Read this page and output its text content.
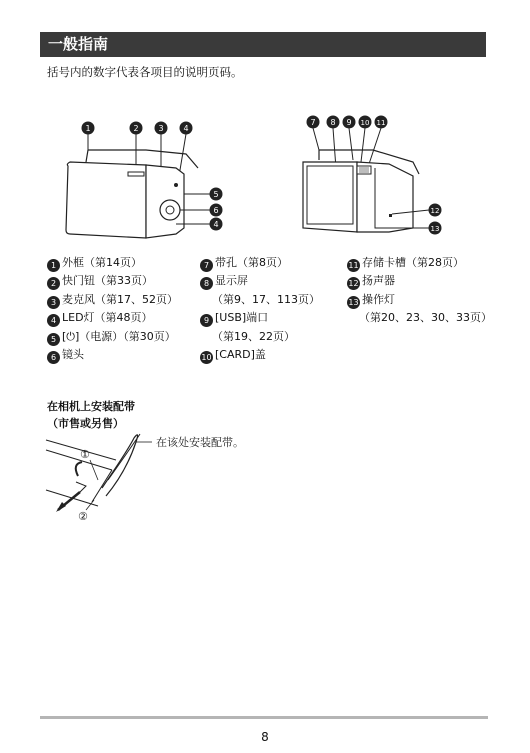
一般指南
括号内的数字代表各项目的说明页码。
1	2 3 4
5
6
4
7 8 9 10 11
12
13
1 外框（第14页）
2 快门钮（第33页）
3 麦克风（第17、52页）
4 LED灯（第48页）
5 [⏻]（电源）（第30页）
6 镜头
7 带孔（第8页）
8 显示屏
（第9、17、113页）
9 [USB]端口
（第19、22页）
10 [CARD]盖
11 存储卡槽（第28页）
12 扬声器
13 操作灯
（第20、23、30、33页）
在相机上安装配带
（市售或另售）
①
②
在该处安装配带。
8
